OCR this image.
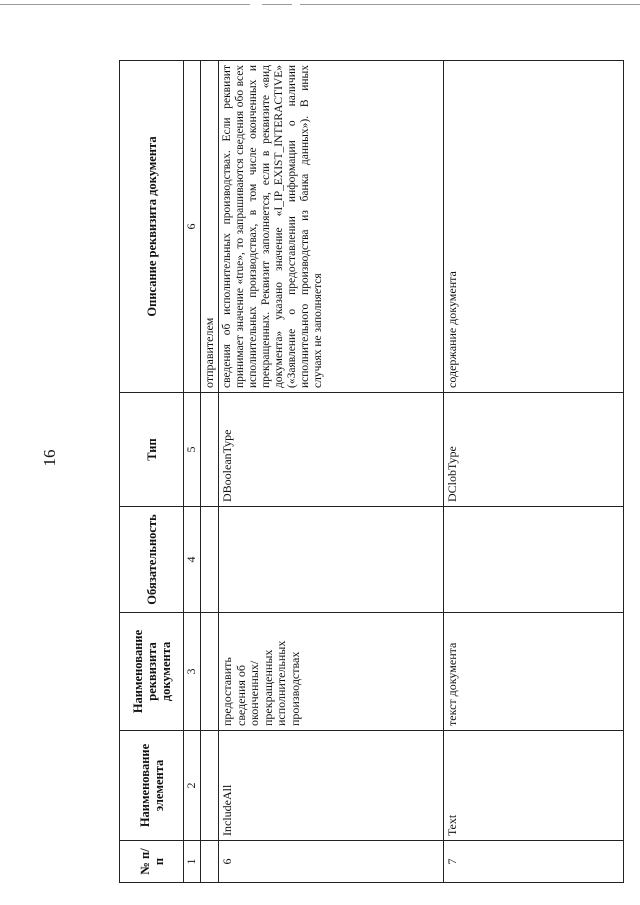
16
№ п/п	Наименование элемента	Наименование реквизита документа	Обязательность	Тип	Описание реквизита документа
1	2	3	4	5	6
					отправителем
6	IncludeAll	предоставить сведения об оконченных/ прекращенных исполнительных производствах		DBooleanType	сведения об исполнительных производствах. Если реквизит принимает значение «true», то запрашиваются сведения обо всех исполнительных производствах, в том числе оконченных и прекращенных. Реквизит заполняется, если в реквизите «вид документа» указано значение «I_IP_EXIST_INTERACTIVE» («Заявление о предоставлении информации о наличии исполнительного производства из банка данных»). В иных случаях не заполняется
7	Text	текст документа		DClobType	содержание документа
